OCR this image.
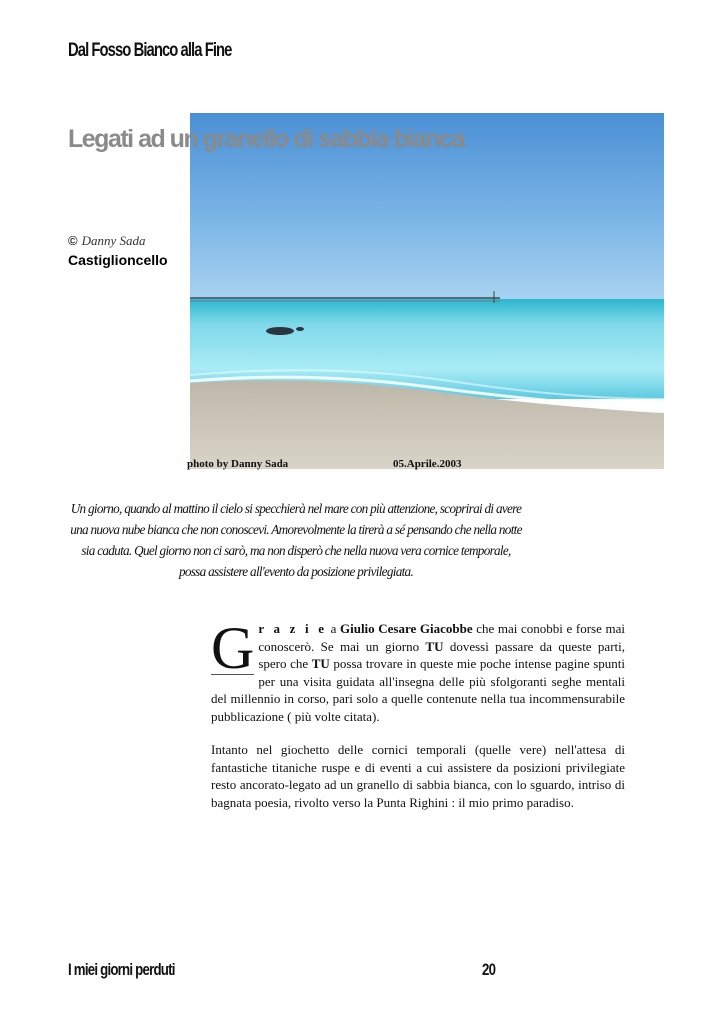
Dal Fosso Bianco alla Fine
Legati ad un granello di sabbia bianca
© Danny Sada
Castiglioncello
photo by Danny Sada	05.Aprile.2003
Un giorno, quando al mattino il cielo si specchierà nel mare con più attenzione, scoprirai di avere una nuova nube bianca che non conoscevi. Amorevolmente la tirerà a sé pensando che nella notte sia caduta. Quel giorno non ci sarò, ma non disperò che nella nuova vera cornice temporale, possa assistere all'evento da posizione privilegiata.

G r a z i e a Giulio Cesare Giacobbe che mai conobbi e forse mai conoscerò. Se mai un giorno TU dovessi passare da queste parti, spero che TU possa trovare in queste mie poche intense pagine spunti per una visita guidata all'insegna delle più sfolgoranti seghe mentali del millennio in corso, pari solo a quelle contenute nella tua incommensurabile pubblicazione ( più volte citata).

Intanto nel giochetto delle cornici temporali (quelle vere) nell'attesa di fantastiche titaniche ruspe e di eventi a cui assistere da posizioni privilegiate resto ancorato-legato ad un granello di sabbia bianca, con lo sguardo, intriso di bagnata poesia, rivolto verso la Punta Righini : il mio primo paradiso.

I miei giorni perduti	20
